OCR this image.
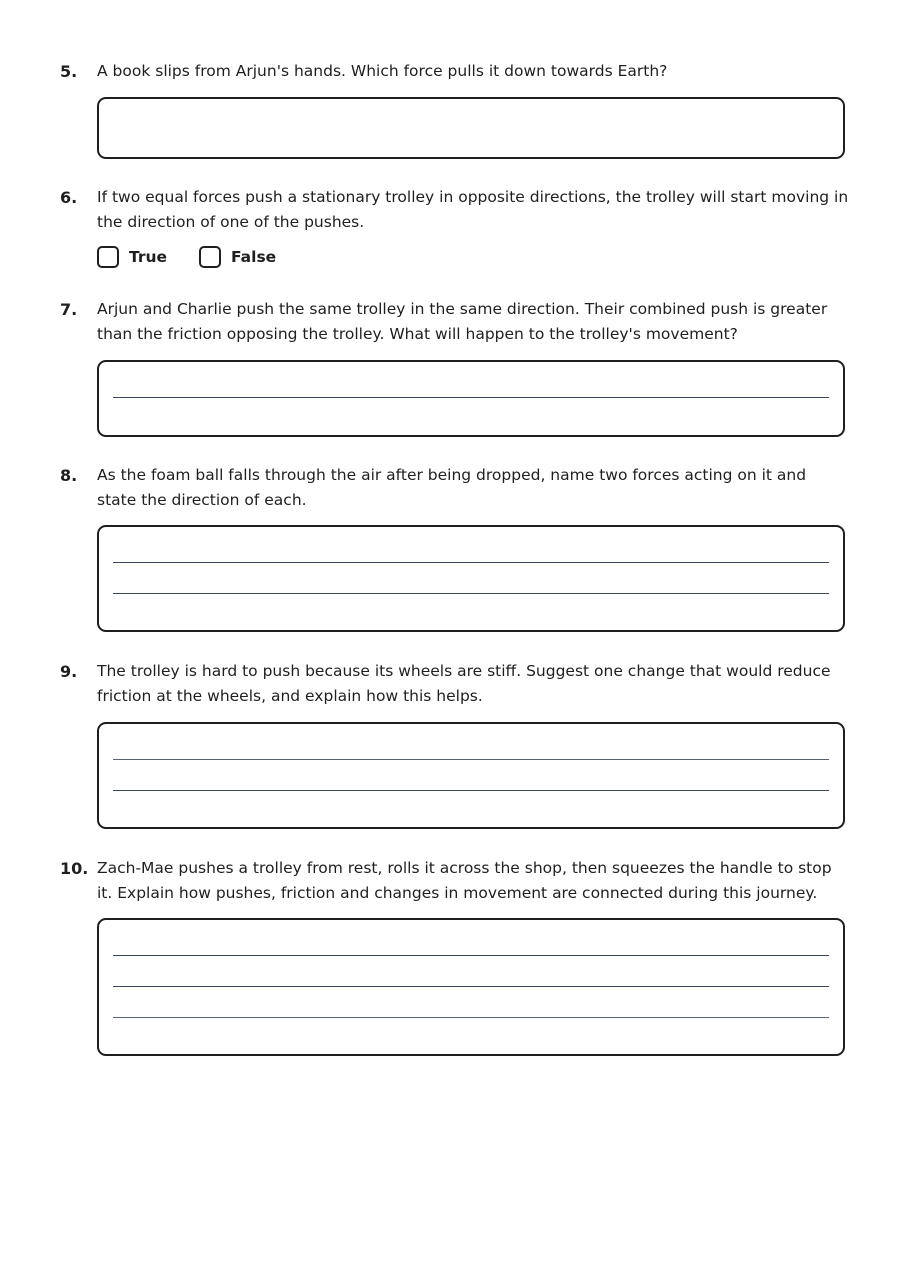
5. A book slips from Arjun's hands. Which force pulls it down towards Earth?
6. If two equal forces push a stationary trolley in opposite directions, the trolley will start moving in the direction of one of the pushes.
True	False
7. Arjun and Charlie push the same trolley in the same direction. Their combined push is greater than the friction opposing the trolley. What will happen to the trolley's movement?
8. As the foam ball falls through the air after being dropped, name two forces acting on it and state the direction of each.
9. The trolley is hard to push because its wheels are stiff. Suggest one change that would reduce friction at the wheels, and explain how this helps.
10. Zach-Mae pushes a trolley from rest, rolls it across the shop, then squeezes the handle to stop it. Explain how pushes, friction and changes in movement are connected during this journey.
